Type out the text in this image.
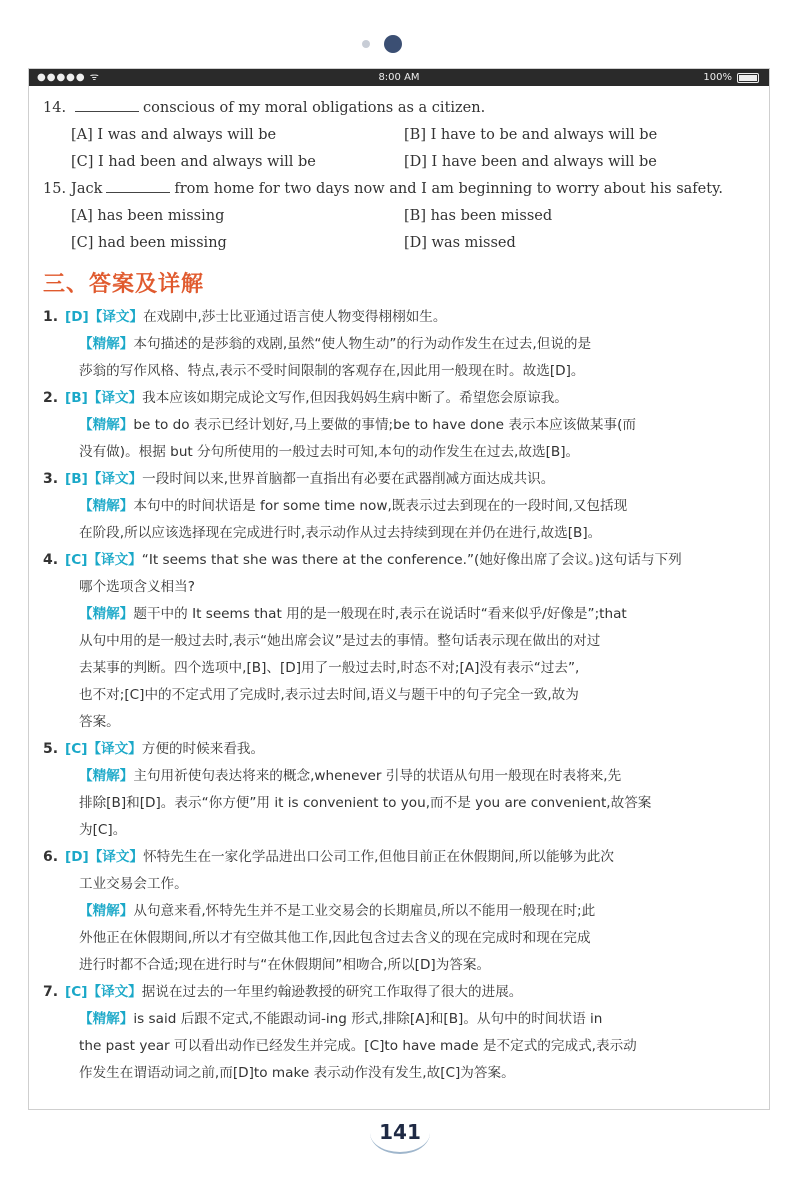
●●●●● ᯤ	8:00 AM	100%
14.	conscious of my moral obligations as a citizen.
[A] I was and always will be	[B] I have to be and always will be
[C] I had been and always will be	[D] I have been and always will be
15. Jack	from home for two days now and I am beginning to worry about his safety.
[A] has been missing	[B] has been missed
[C] had been missing	[D] was missed
三、答案及详解
1. [D]【译文】在戏剧中,莎士比亚通过语言使人物变得栩栩如生。
【精解】本句描述的是莎翁的戏剧,虽然“使人物生动”的行为动作发生在过去,但说的是
莎翁的写作风格、特点,表示不受时间限制的客观存在,因此用一般现在时。故选[D]。
2. [B]【译文】我本应该如期完成论文写作,但因我妈妈生病中断了。希望您会原谅我。
【精解】be to do 表示已经计划好,马上要做的事情;be to have done 表示本应该做某事(而
没有做)。根据 but 分句所使用的一般过去时可知,本句的动作发生在过去,故选[B]。
3. [B]【译文】一段时间以来,世界首脑都一直指出有必要在武器削减方面达成共识。
【精解】本句中的时间状语是 for some time now,既表示过去到现在的一段时间,又包括现
在阶段,所以应该选择现在完成进行时,表示动作从过去持续到现在并仍在进行,故选[B]。
4. [C]【译文】“It seems that she was there at the conference.”(她好像出席了会议。)这句话与下列
哪个选项含义相当?
【精解】题干中的 It seems that 用的是一般现在时,表示在说话时“看来似乎/好像是”;that
从句中用的是一般过去时,表示“她出席会议”是过去的事情。整句话表示现在做出的对过
去某事的判断。四个选项中,[B]、[D]用了一般过去时,时态不对;[A]没有表示“过去”,
也不对;[C]中的不定式用了完成时,表示过去时间,语义与题干中的句子完全一致,故为
答案。
5. [C]【译文】方便的时候来看我。
【精解】主句用祈使句表达将来的概念,whenever 引导的状语从句用一般现在时表将来,先
排除[B]和[D]。表示“你方便”用 it is convenient to you,而不是 you are convenient,故答案
为[C]。
6. [D]【译文】怀特先生在一家化学品进出口公司工作,但他目前正在休假期间,所以能够为此次
工业交易会工作。
【精解】从句意来看,怀特先生并不是工业交易会的长期雇员,所以不能用一般现在时;此
外他正在休假期间,所以才有空做其他工作,因此包含过去含义的现在完成时和现在完成
进行时都不合适;现在进行时与“在休假期间”相吻合,所以[D]为答案。
7. [C]【译文】据说在过去的一年里约翰逊教授的研究工作取得了很大的进展。
【精解】is said 后跟不定式,不能跟动词-ing 形式,排除[A]和[B]。从句中的时间状语 in
the past year 可以看出动作已经发生并完成。[C]to have made 是不定式的完成式,表示动
作发生在谓语动词之前,而[D]to make 表示动作没有发生,故[C]为答案。
141
